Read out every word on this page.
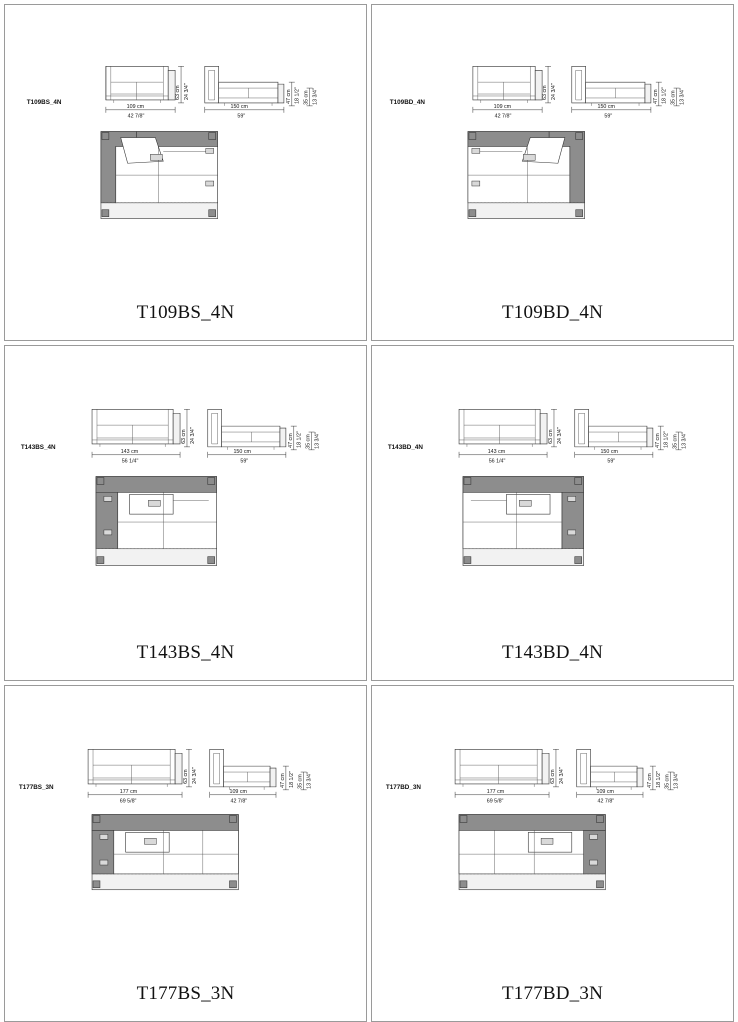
T109BS_4N
63 cm 24 3/4"
109 cm
42 7/8"
47 cm 18 1/2" 35 cm 13 3/4"
150 cm
59"
T109BS_4N
T109BD_4N
63 cm 24 3/4"
109 cm
42 7/8"
47 cm 18 1/2" 35 cm 13 3/4"
150 cm
59"
T109BD_4N
T143BS_4N
63 cm 24 3/4"
143 cm
56 1/4"
47 cm 18 1/2" 35 cm 13 3/4"
150 cm
59"
T143BS_4N
T143BD_4N
63 cm 24 3/4"
143 cm
56 1/4"
47 cm 18 1/2" 35 cm 13 3/4"
150 cm
59"
T143BD_4N
T177BS_3N
63 cm 24 3/4"
177 cm
69 5/8"
47 cm 18 1/2" 35 cm 13 3/4"
109 cm
42 7/8"
T177BS_3N
T177BD_3N
63 cm 24 3/4"
177 cm
69 5/8"
47 cm 18 1/2" 35 cm 13 3/4"
109 cm
42 7/8"
T177BD_3N
